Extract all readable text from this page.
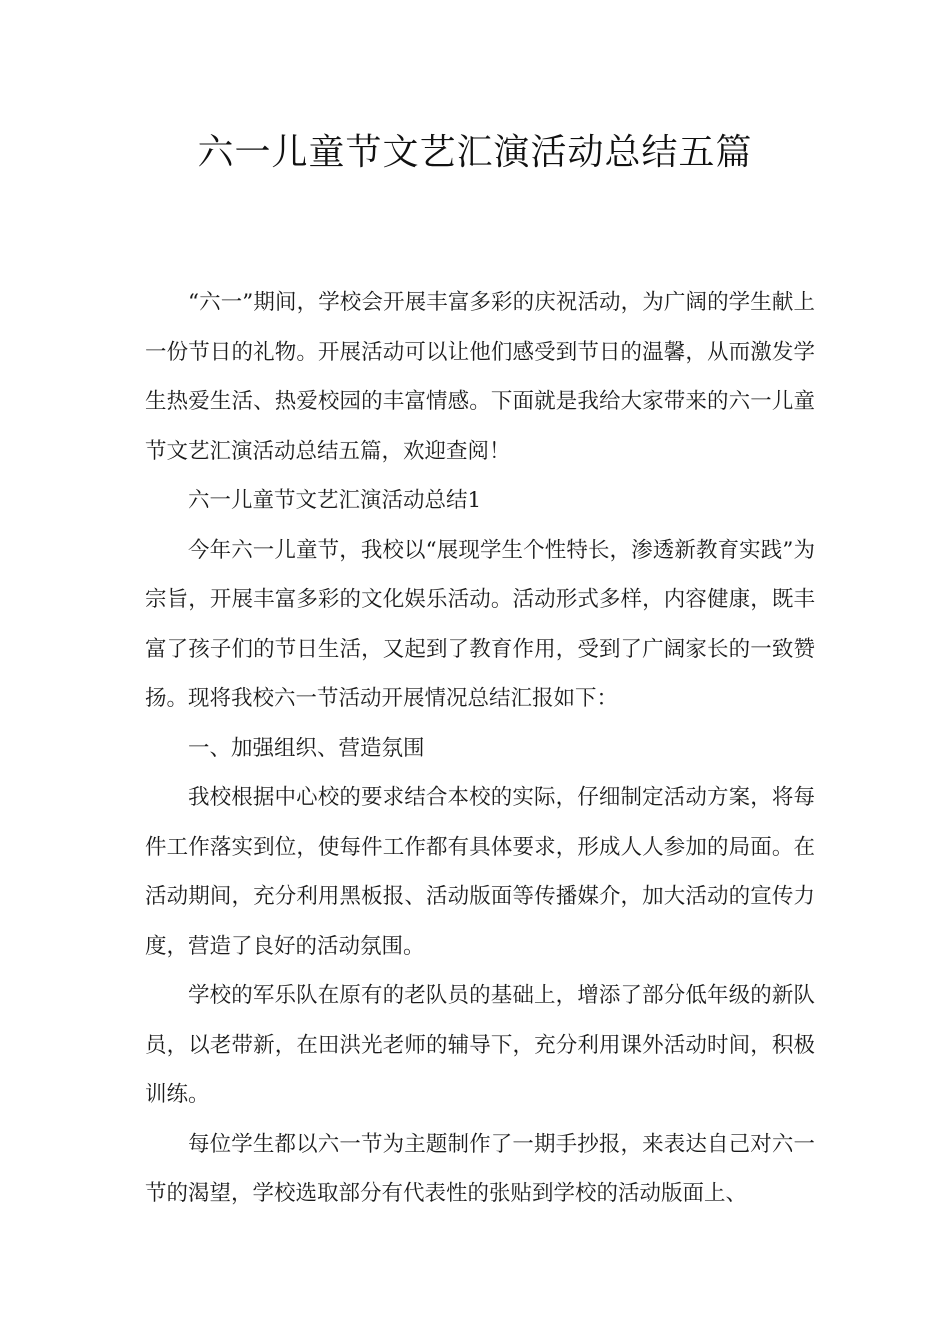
六一儿童节文艺汇演活动总结五篇

“六一”期间，学校会开展丰富多彩的庆祝活动，为广阔的学生献上一份节日的礼物。开展活动可以让他们感受到节日的温馨，从而激发学生热爱生活、热爱校园的丰富情感。下面就是我给大家带来的六一儿童节文艺汇演活动总结五篇，欢迎查阅！

六一儿童节文艺汇演活动总结1

今年六一儿童节，我校以“展现学生个性特长，渗透新教育实践”为宗旨，开展丰富多彩的文化娱乐活动。活动形式多样，内容健康，既丰富了孩子们的节日生活，又起到了教育作用，受到了广阔家长的一致赞扬。现将我校六一节活动开展情况总结汇报如下：

一、加强组织、营造氛围

我校根据中心校的要求结合本校的实际，仔细制定活动方案，将每件工作落实到位，使每件工作都有具体要求，形成人人参加的局面。在活动期间，充分利用黑板报、活动版面等传播媒介，加大活动的宣传力度，营造了良好的活动氛围。

学校的军乐队在原有的老队员的基础上，增添了部分低年级的新队员，以老带新，在田洪光老师的辅导下，充分利用课外活动时间，积极训练。

每位学生都以六一节为主题制作了一期手抄报，来表达自己对六一节的渴望，学校选取部分有代表性的张贴到学校的活动版面上、
